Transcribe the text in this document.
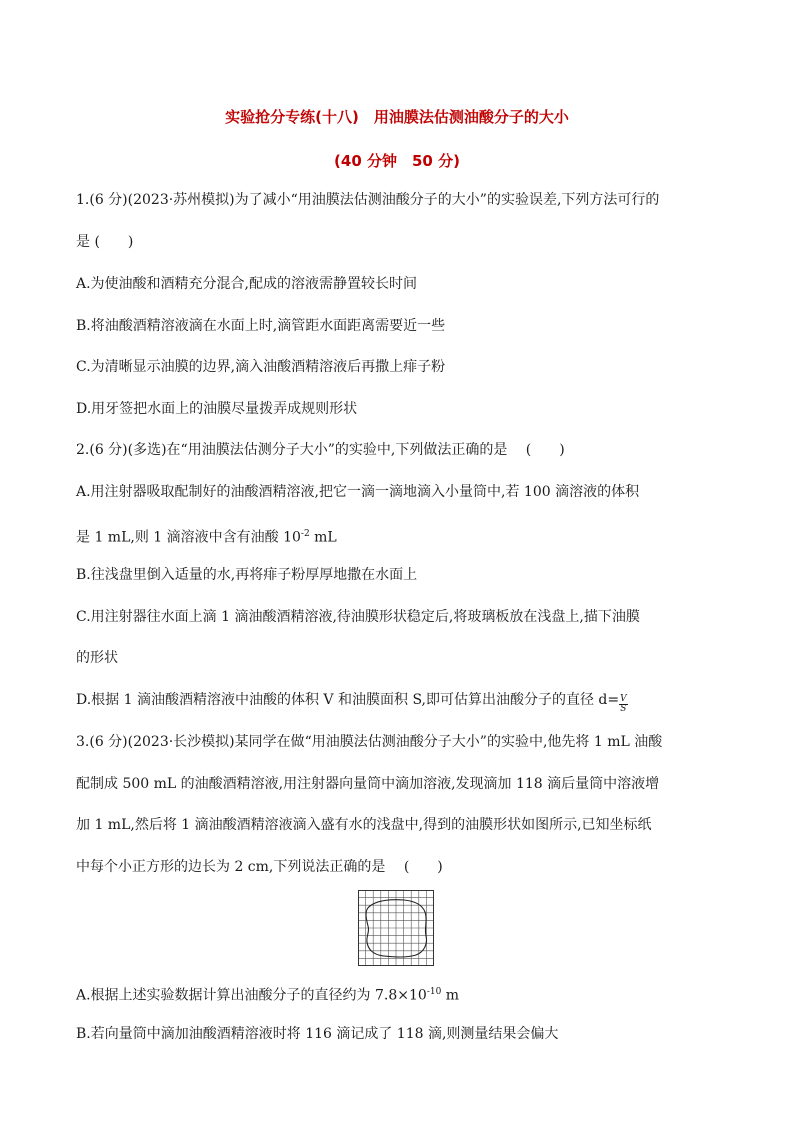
实验抢分专练(十八)　用油膜法估测油酸分子的大小
(40 分钟　50 分)
1.(6 分)(2023·苏州模拟)为了减小“用油膜法估测油酸分子的大小”的实验误差,下列方法可行的
是 (　　)
A.为使油酸和酒精充分混合,配成的溶液需静置较长时间
B.将油酸酒精溶液滴在水面上时,滴管距水面距离需要近一些
C.为清晰显示油膜的边界,滴入油酸酒精溶液后再撒上痱子粉
D.用牙签把水面上的油膜尽量拨弄成规则形状
2.(6 分)(多选)在“用油膜法估测分子大小”的实验中,下列做法正确的是　 (　　)
A.用注射器吸取配制好的油酸酒精溶液,把它一滴一滴地滴入小量筒中,若 100 滴溶液的体积
是 1 mL,则 1 滴溶液中含有油酸 $10^{-2}$ mL
B.往浅盘里倒入适量的水,再将痱子粉厚厚地撒在水面上
C.用注射器往水面上滴 1 滴油酸酒精溶液,待油膜形状稳定后,将玻璃板放在浅盘上,描下油膜
的形状
D.根据 1 滴油酸酒精溶液中油酸的体积 V 和油膜面积 S,即可估算出油酸分子的直径 $d= \frac{V}{S}$
3.(6 分)(2023·长沙模拟)某同学在做“用油膜法估测油酸分子大小”的实验中,他先将 1 mL 油酸
配制成 500 mL 的油酸酒精溶液,用注射器向量筒中滴加溶液,发现滴加 118 滴后量筒中溶液增
加 1 mL,然后将 1 滴油酸酒精溶液滴入盛有水的浅盘中,得到的油膜形状如图所示,已知坐标纸
中每个小正方形的边长为 2 cm,下列说法正确的是　 (　　)
A.根据上述实验数据计算出油酸分子的直径约为 $7.8\times 10^{-10}$ m
B.若向量筒中滴加油酸酒精溶液时将 116 滴记成了 118 滴,则测量结果会偏大
